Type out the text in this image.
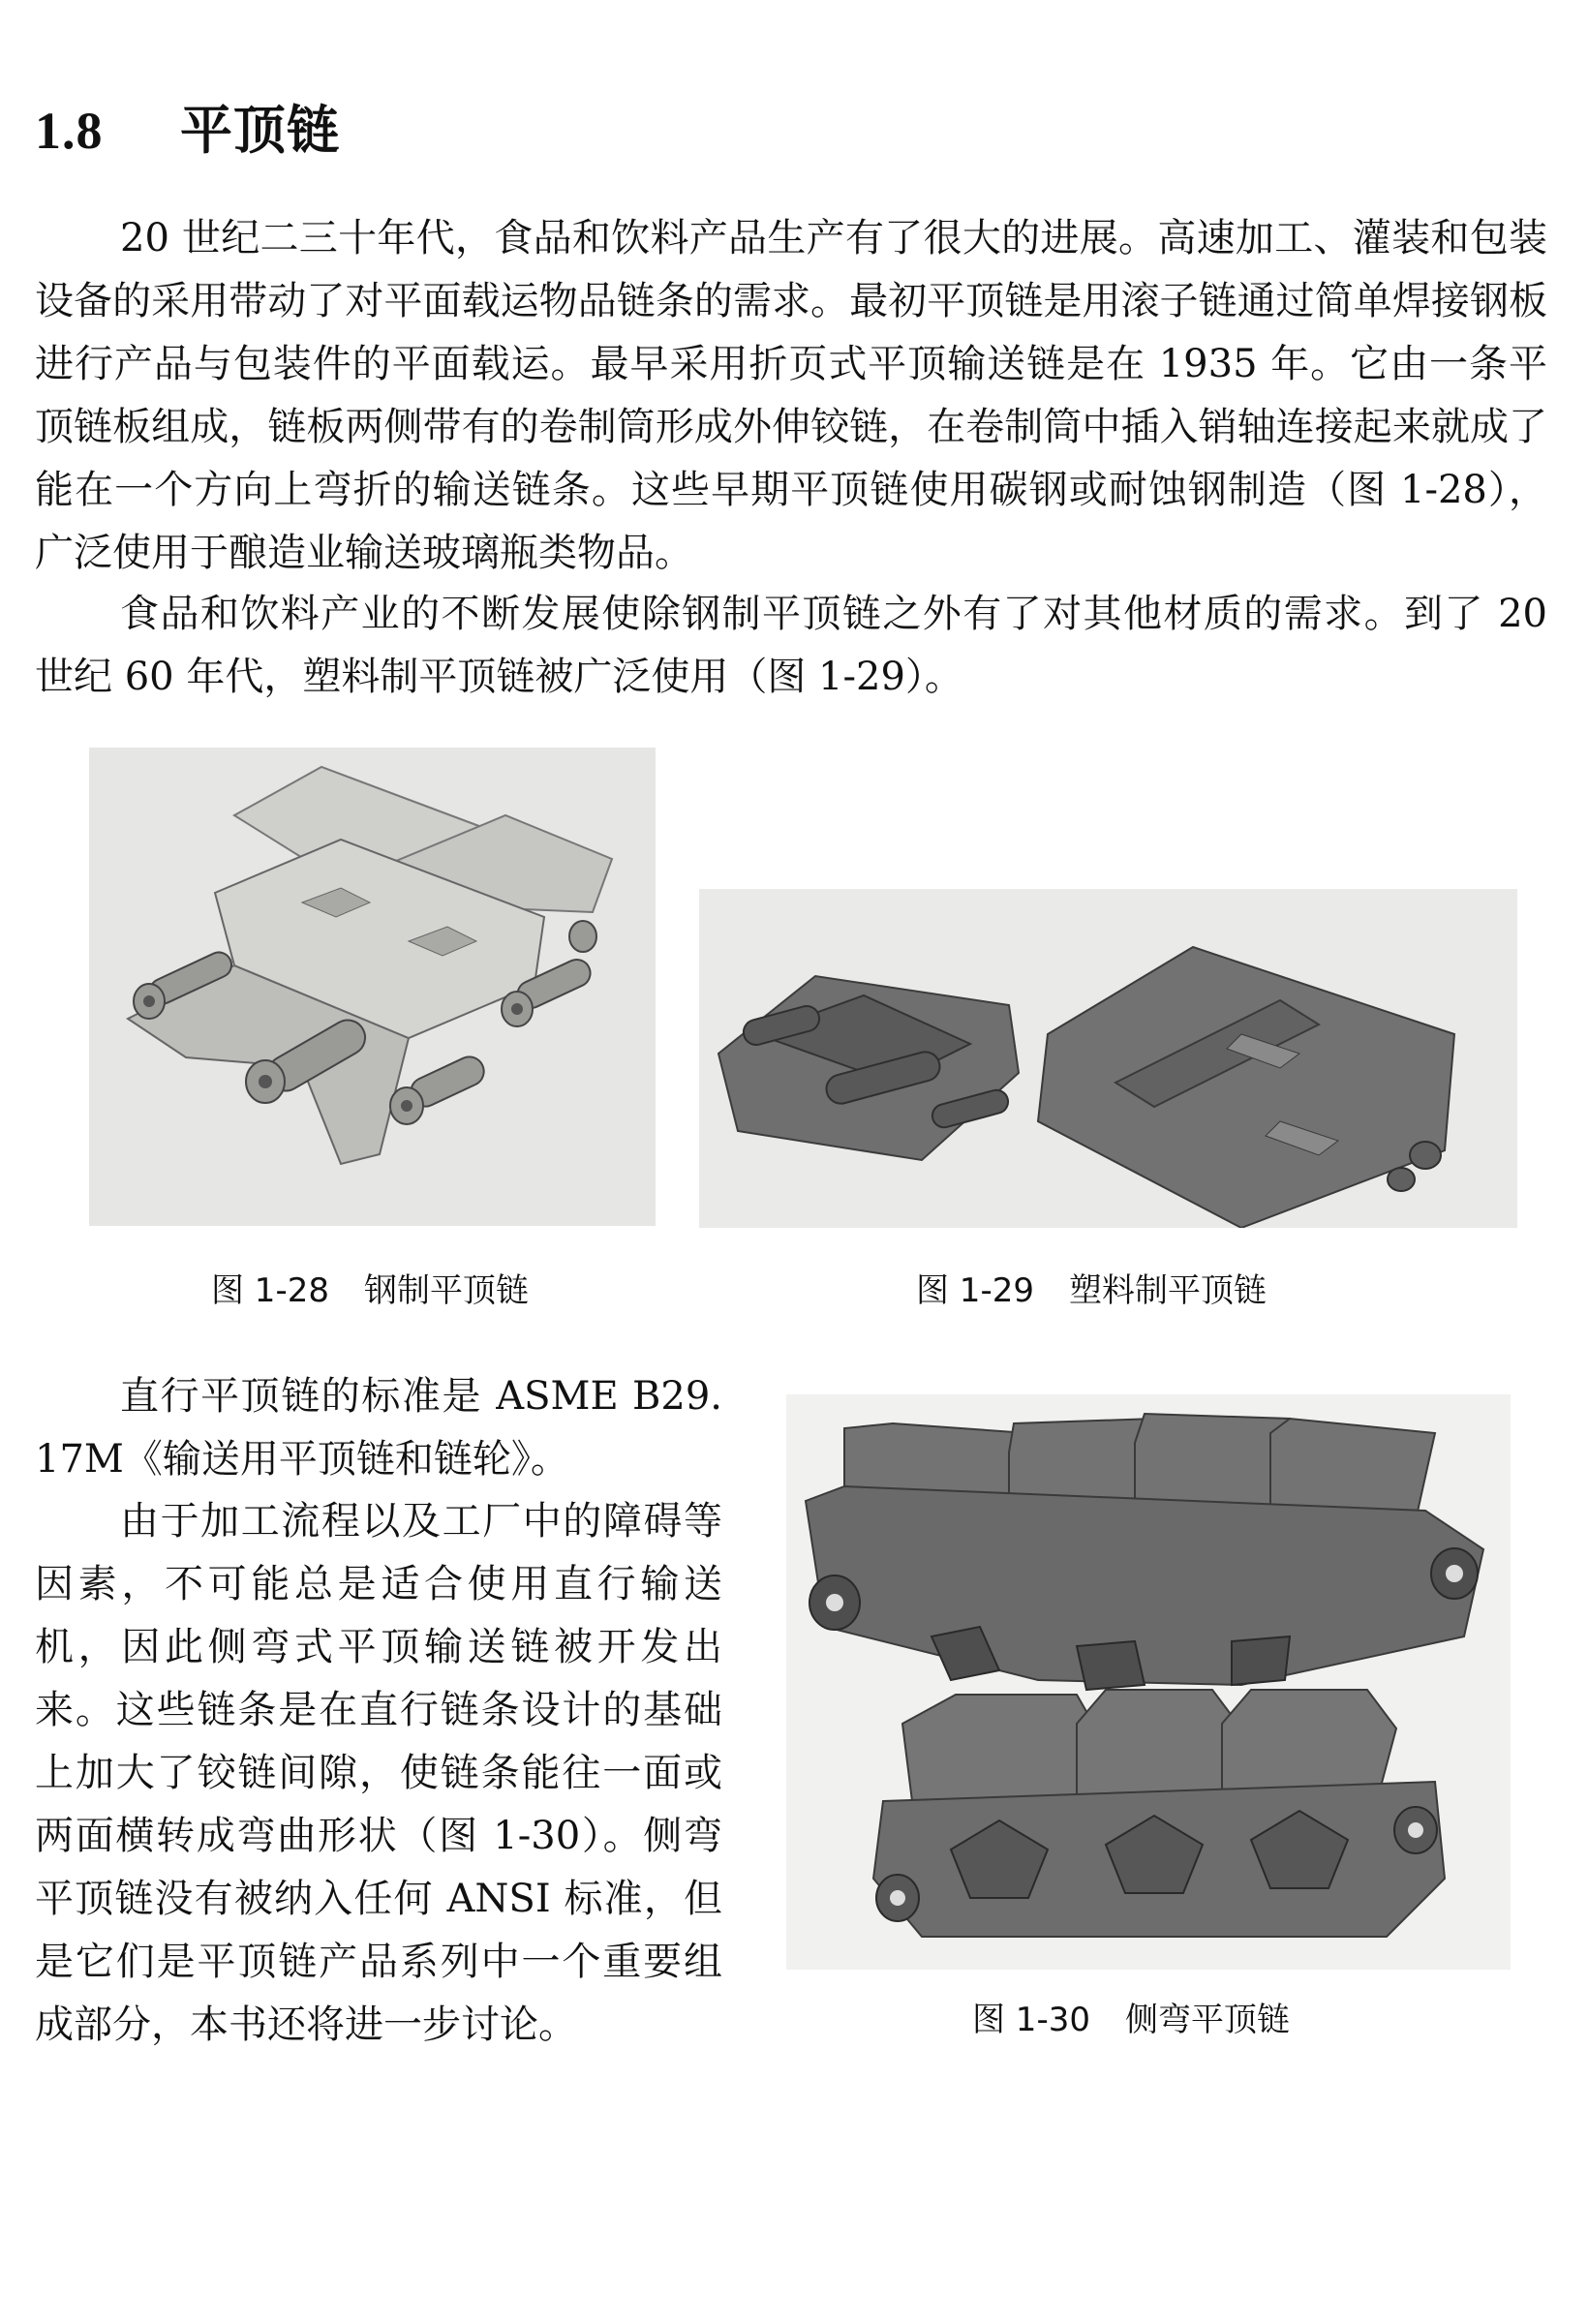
1.8 平顶链

20 世纪二三十年代，食品和饮料产品生产有了很大的进展。高速加工、灌装和包装设备的采用带动了对平面载运物品链条的需求。最初平顶链是用滚子链通过简单焊接钢板进行产品与包装件的平面载运。最早采用折页式平顶输送链是在 1935 年。它由一条平顶链板组成，链板两侧带有的卷制筒形成外伸铰链，在卷制筒中插入销轴连接起来就成了能在一个方向上弯折的输送链条。这些早期平顶链使用碳钢或耐蚀钢制造（图 1-28），广泛使用于酿造业输送玻璃瓶类物品。

食品和饮料产业的不断发展使除钢制平顶链之外有了对其他材质的需求。到了 20 世纪 60 年代，塑料制平顶链被广泛使用（图 1-29）。

图 1-28 钢制平顶链	图 1-29 塑料制平顶链

直行平顶链的标准是 ASME B29. 17M《输送用平顶链和链轮》。

由于加工流程以及工厂中的障碍等因素，不可能总是适合使用直行输送机，因此侧弯式平顶输送链被开发出来。这些链条是在直行链条设计的基础上加大了铰链间隙，使链条能往一面或两面横转成弯曲形状（图 1-30）。侧弯平顶链没有被纳入任何 ANSI 标准，但是它们是平顶链产品系列中一个重要组成部分，本书还将进一步讨论。	图 1-30 侧弯平顶链
